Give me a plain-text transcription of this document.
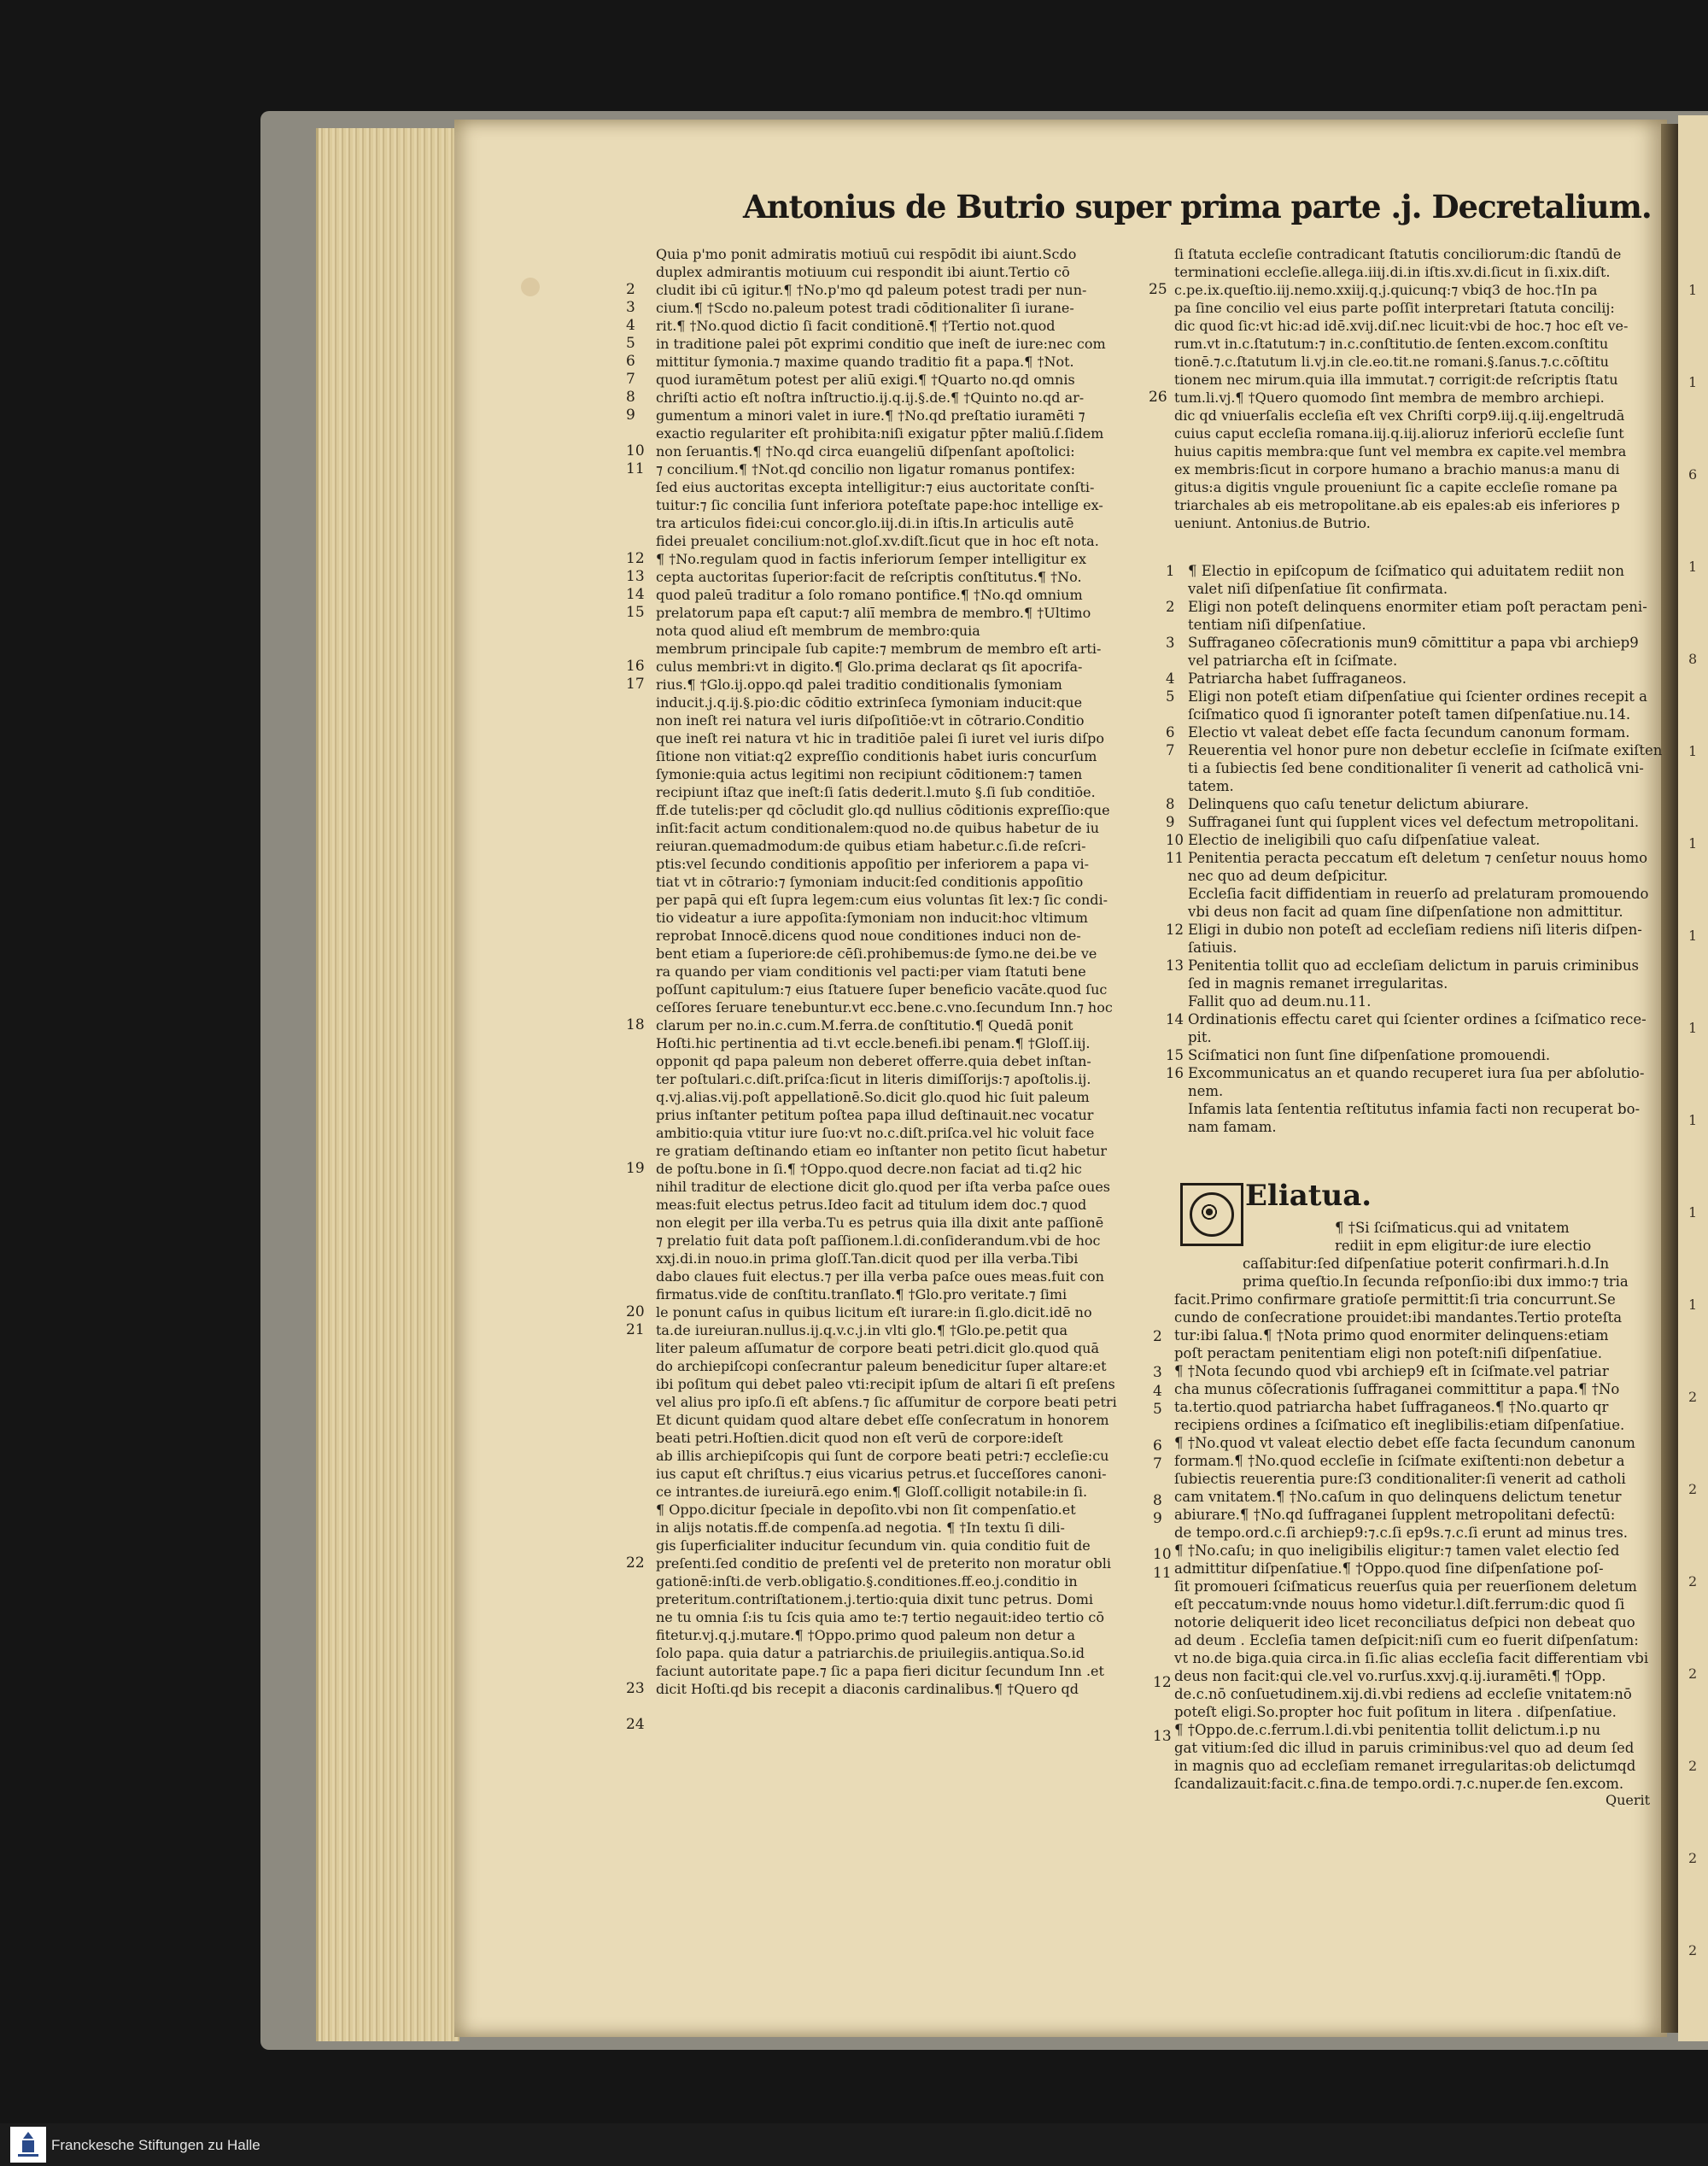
1
1
6
1
8
1
1
1
1
1
1
1
2
2
2
2
2
2
2
Antonius de Butrio super prima parte .j. Decretalium.
Quia p'mo ponit admiratis motiuū cui respōdit ibi aiunt.Scdo
duplex admirantis motiuum cui respondit ibi aiunt.Tertio cō
cludit ibi cū igitur.¶ †No.p'mo qd paleum potest tradi per nun-
cium.¶ †Scdo no.paleum potest tradi cōditionaliter ſi iurane-
rit.¶ †No.quod dictio ſi facit conditionē.¶ †Tertio not.quod
in traditione palei pōt exprimi conditio que ineſt de iure:nec com
mittitur ſymonia.⁊ maxime quando traditio fit a papa.¶ †Not.
quod iuramētum potest per aliū exigi.¶ †Quarto no.qd omnis
chriſti actio eſt noſtra inſtructio.ij.q.ij.§.de.¶ †Quinto no.qd ar-
gumentum a minori valet in iure.¶ †No.qd preſtatio iuramēti ⁊
exactio regulariter eſt prohibita:niſi exigatur pp̄ter maliū.ſ.ſidem
non ſeruantis.¶ †No.qd circa euangeliū diſpenſant apoſtolici:
⁊ concilium.¶ †Not.qd concilio non ligatur romanus pontifex:
ſed eius auctoritas excepta intelligitur:⁊ eius auctoritate conſti-
tuitur:⁊ ſic concilia ſunt inferiora poteſtate pape:hoc intellige ex-
tra articulos fidei:cui concor.glo.iij.di.in iſtis.In articulis autē
fidei preualet concilium:not.gloſ.xv.diſt.ſicut que in hoc eſt nota.
¶ †No.regulam quod in factis inferiorum ſemper intelligitur ex
cepta auctoritas ſuperior:facit de reſcriptis conſtitutus.¶ †No.
quod paleū traditur a ſolo romano pontifice.¶ †No.qd omnium
prelatorum papa eſt caput:⁊ aliī membra de membro.¶ †Ultimo
nota quod aliud eſt membrum de membro:quia
membrum principale ſub capite:⁊ membrum de membro eſt arti-
culus membri:vt in digito.¶ Glo.prima declarat qs ſit apocrifa-
rius.¶ †Glo.ij.oppo.qd palei traditio conditionalis ſymoniam
inducit.j.q.ij.§.pio:dic cōditio extrinſeca ſymoniam inducit:que
non ineſt rei natura vel iuris diſpoſitiōe:vt in cōtrario.Conditio
que ineſt rei natura vt hic in traditiōe palei ſi iuret vel iuris diſpo
ſitione non vitiat:q2 expreſſio conditionis habet iuris concurſum
ſymonie:quia actus legitimi non recipiunt cōditionem:⁊ tamen
recipiunt iſtaz que ineſt:ſi ſatis dederit.l.muto §.ſi ſub conditiōe.
ff.de tutelis:per qd cōcludit glo.qd nullius cōditionis expreſſio:que
inſit:facit actum conditionalem:quod no.de quibus habetur de iu
reiuran.quemadmodum:de quibus etiam habetur.c.ſi.de reſcri-
ptis:vel ſecundo conditionis appoſitio per inferiorem a papa vi-
tiat vt in cōtrario:⁊ ſymoniam inducit:ſed conditionis appoſitio
per papā qui eſt ſupra legem:cum eius voluntas ſit lex:⁊ ſic condi-
tio videatur a iure appoſita:ſymoniam non inducit:hoc vltimum
reprobat Innocē.dicens quod noue conditiones induci non de-
bent etiam a ſuperiore:de cēſi.prohibemus:de ſymo.ne dei.be ve
ra quando per viam conditionis vel pacti:per viam ſtatuti bene
poſſunt capitulum:⁊ eius ſtatuere ſuper beneficio vacāte.quod ſuc
ceſſores ſeruare tenebuntur.vt ecc.bene.c.vno.ſecundum Inn.⁊ hoc
clarum per no.in.c.cum.M.ferra.de conſtitutio.¶ Quedā ponit
Hoſti.hic pertinentia ad ti.vt eccle.benefi.ibi penam.¶ †Gloſſ.iij.
opponit qd papa paleum non deberet offerre.quia debet inſtan-
ter poſtulari.c.diſt.priſca:ſicut in literis dimiſſorijs:⁊ apoſtolis.ij.
q.vj.alias.vij.poſt appellationē.So.dicit glo.quod hic ſuit paleum
prius inſtanter petitum poſtea papa illud deſtinauit.nec vocatur
ambitio:quia vtitur iure ſuo:vt no.c.diſt.priſca.vel hic voluit face
re gratiam deſtinando etiam eo inſtanter non petito ſicut habetur
de poſtu.bone in ſi.¶ †Oppo.quod decre.non faciat ad ti.q2 hic
nihil traditur de electione dicit glo.quod per iſta verba paſce oues
meas:fuit electus petrus.Ideo facit ad titulum idem doc.⁊ quod
non elegit per illa verba.Tu es petrus quia illa dixit ante paſſionē
⁊ prelatio fuit data poſt paſſionem.l.di.conſiderandum.vbi de hoc
xxj.di.in nouo.in prima gloſſ.Tan.dicit quod per illa verba.Tibi
dabo claues fuit electus.⁊ per illa verba paſce oues meas.fuit con
firmatus.vide de conſtitu.tranſlato.¶ †Glo.pro veritate.⁊ ſimi
le ponunt caſus in quibus licitum eſt iurare:in ſi.glo.dicit.idē no
ta.de iureiuran.nullus.ij.q.v.c.j.in vlti glo.¶ †Glo.pe.petit qua
liter paleum aſſumatur de corpore beati petri.dicit glo.quod quā
do archiepiſcopi conſecrantur paleum benedicitur ſuper altare:et
ibi poſitum qui debet paleo vti:recipit ipſum de altari ſi eſt preſens
vel alius pro ipſo.ſi eſt abſens.⁊ ſic aſſumitur de corpore beati petri
Et dicunt quidam quod altare debet eſſe conſecratum in honorem
beati petri.Hoſtien.dicit quod non eſt verū de corpore:ideſt
ab illis archiepiſcopis qui ſunt de corpore beati petri:⁊ eccleſie:cu
ius caput eſt chriſtus.⁊ eius vicarius petrus.et ſucceſſores canoni-
ce intrantes.de iureiurā.ego enim.¶ Gloſſ.colligit notabile:in ſi.
¶ Oppo.dicitur ſpeciale in depoſito.vbi non ſit compenſatio.et
in alijs notatis.ff.de compenſa.ad negotia. ¶ †In textu ſi dili-
gis ſuperficialiter inducitur ſecundum vin. quia conditio fuit de
preſenti.ſed conditio de preſenti vel de preterito non moratur obli
gationē:inſti.de verb.obligatio.§.conditiones.ff.eo.j.conditio in
preteritum.contriſtationem.j.tertio:quia dixit tunc petrus. Domi
ne tu omnia ſ:is tu ſcis quia amo te:⁊ tertio negauit:ideo tertio cō
fitetur.vj.q.j.mutare.¶ †Oppo.primo quod paleum non detur a
ſolo papa. quia datur a patriarchis.de priuilegiis.antiqua.So.id
faciunt autoritate pape.⁊ ſic a papa fieri dicitur ſecundum Inn .et
dicit Hoſti.qd bis recepit a diaconis cardinalibus.¶ †Quero qd
2
3
4
5
6
7
8
9
10
11
12
13
14
15
16
17
18
19
20
21
22
23
24
ſi ſtatuta eccleſie contradicant ſtatutis conciliorum:dic ſtandū de
terminationi eccleſie.allega.iiij.di.in iſtis.xv.di.ſicut in ſi.xix.diſt.
c.pe.ix.queſtio.iij.nemo.xxiij.q.j.quicunq:⁊ vbiq3 de hoc.†In pa
pa ſine concilio vel eius parte poſſit interpretari ſtatuta concilij:
dic quod ſic:vt hic:ad idē.xvij.diſ.nec licuit:vbi de hoc.⁊ hoc eſt ve-
rum.vt in.c.ſtatutum:⁊ in.c.conſtitutio.de ſenten.excom.conſtitu
tionē.⁊.c.ſtatutum li.vj.in cle.eo.tit.ne romani.§.ſanus.⁊.c.cōſtitu
tionem nec mirum.quia illa immutat.⁊ corrigit:de reſcriptis ſtatu
tum.li.vj.¶ †Quero quomodo ſint membra de membro archiepi.
dic qd vniuerſalis eccleſia eſt vex Chriſti corp9.iij.q.iij.engeltrudā
cuius caput eccleſia romana.iij.q.iij.alioruz inferiorū eccleſie ſunt
huius capitis membra:que ſunt vel membra ex capite.vel membra
ex membris:ſicut in corpore humano a brachio manus:a manu di
gitus:a digitis vngule proueniunt ſic a capite eccleſie romane pa
triarchales ab eis metropolitane.ab eis epales:ab eis inferiores p
ueniunt. Antonius.de Butrio.
25
26
1 ¶ Electio in epiſcopum de ſciſmatico qui aduitatem rediit non
valet niſi diſpenſatiue ſit confirmata.
2 Eligi non poteſt delinquens enormiter etiam poſt peractam peni-
tentiam niſi diſpenſatiue.
3 Suffraganeo cōſecrationis mun9 cōmittitur a papa vbi archiep9
vel patriarcha eſt in ſciſmate.
4 Patriarcha habet ſuffraganeos.
5 Eligi non poteſt etiam diſpenſatiue qui ſcienter ordines recepit a
ſciſmatico quod ſi ignoranter poteſt tamen diſpenſatiue.nu.14.
6 Electio vt valeat debet eſſe facta ſecundum canonum formam.
7 Reuerentia vel honor pure non debetur eccleſie in ſciſmate exiſten
ti a ſubiectis ſed bene conditionaliter ſi venerit ad catholicā vni-
tatem.
8 Delinquens quo caſu tenetur delictum abiurare.
9 Suffraganei ſunt qui ſupplent vices vel defectum metropolitani.
10 Electio de ineligibili quo caſu diſpenſatiue valeat.
11 Penitentia peracta peccatum eſt deletum ⁊ cenſetur nouus homo
nec quo ad deum deſpicitur.
Eccleſia facit diffidentiam in reuerſo ad prelaturam promouendo
vbi deus non facit ad quam ſine diſpenſatione non admittitur.
12 Eligi in dubio non poteſt ad eccleſiam rediens niſi literis diſpen-
ſatiuis.
13 Penitentia tollit quo ad eccleſiam delictum in paruis criminibus
ſed in magnis remanet irregularitas.
Fallit quo ad deum.nu.11.
14 Ordinationis effectu caret qui ſcienter ordines a ſciſmatico rece-
pit.
15 Sciſmatici non ſunt ſine diſpenſatione promouendi.
16 Excommunicatus an et quando recuperet iura ſua per abſolutio-
nem.
Infamis lata ſententia reſtitutus infamia facti non recuperat bo-
nam famam.
Eliatua.
¶ †Si ſciſmaticus.qui ad vnitatem
rediit in epm eligitur:de iure electio
caſſabitur:ſed diſpenſatiue poterit confirmari.h.d.In
prima queſtio.In ſecunda reſponſio:ibi dux immo:⁊ tria
facit.Primo confirmare gratioſe permittit:ſi tria concurrunt.Se
cundo de conſecratione prouidet:ibi mandantes.Tertio proteſta
tur:ibi ſalua.¶ †Nota primo quod enormiter delinquens:etiam
poſt peractam penitentiam eligi non poteſt:niſi diſpenſatiue.
¶ †Nota ſecundo quod vbi archiep9 eſt in ſciſmate.vel patriar
cha munus cōſecrationis ſuffraganei committitur a papa.¶ †No
ta.tertio.quod patriarcha habet ſuffraganeos.¶ †No.quarto qr
recipiens ordines a ſciſmatico eſt ineglibilis:etiam diſpenſatiue.
¶ †No.quod vt valeat electio debet eſſe facta ſecundum canonum
formam.¶ †No.quod eccleſie in ſciſmate exiſtenti:non debetur a
ſubiectis reuerentia pure:ſ3 conditionaliter:ſi venerit ad catholi
cam vnitatem.¶ †No.caſum in quo delinquens delictum tenetur
abiurare.¶ †No.qd ſuffraganei ſupplent metropolitani defectū:
de tempo.ord.c.ſi archiep9:⁊.c.ſi ep9s.⁊.c.ſi erunt ad minus tres.
¶ †No.caſu; in quo ineligibilis eligitur:⁊ tamen valet electio ſed
admittitur diſpenſatiue.¶ †Oppo.quod ſine diſpenſatione poſ-
ſit promoueri ſciſmaticus reuerſus quia per reuerſionem deletum
eſt peccatum:vnde nouus homo videtur.l.diſt.ferrum:dic quod ſi
notorie deliquerit ideo licet reconciliatus deſpici non debeat quo
ad deum . Eccleſia tamen deſpicit:niſi cum eo fuerit diſpenſatum:
vt no.de biga.quia circa.in ſi.ſic alias eccleſia facit differentiam vbi
deus non facit:qui cle.vel vo.rurſus.xxvj.q.ij.iuramēti.¶ †Opp.
de.c.nō conſuetudinem.xij.di.vbi rediens ad eccleſie vnitatem:nō
poteſt eligi.So.propter hoc fuit poſitum in litera . diſpenſatiue.
¶ †Oppo.de.c.ferrum.l.di.vbi penitentia tollit delictum.i.p nu
gat vitium:ſed dic illud in paruis criminibus:vel quo ad deum ſed
in magnis quo ad eccleſiam remanet irregularitas:ob delictumqd
ſcandalizauit:facit.c.fina.de tempo.ordi.⁊.c.nuper.de ſen.excom.
2
3
4
5
6
7
8
9
10
11
12
13
Querit
Franckesche Stiftungen zu Halle
